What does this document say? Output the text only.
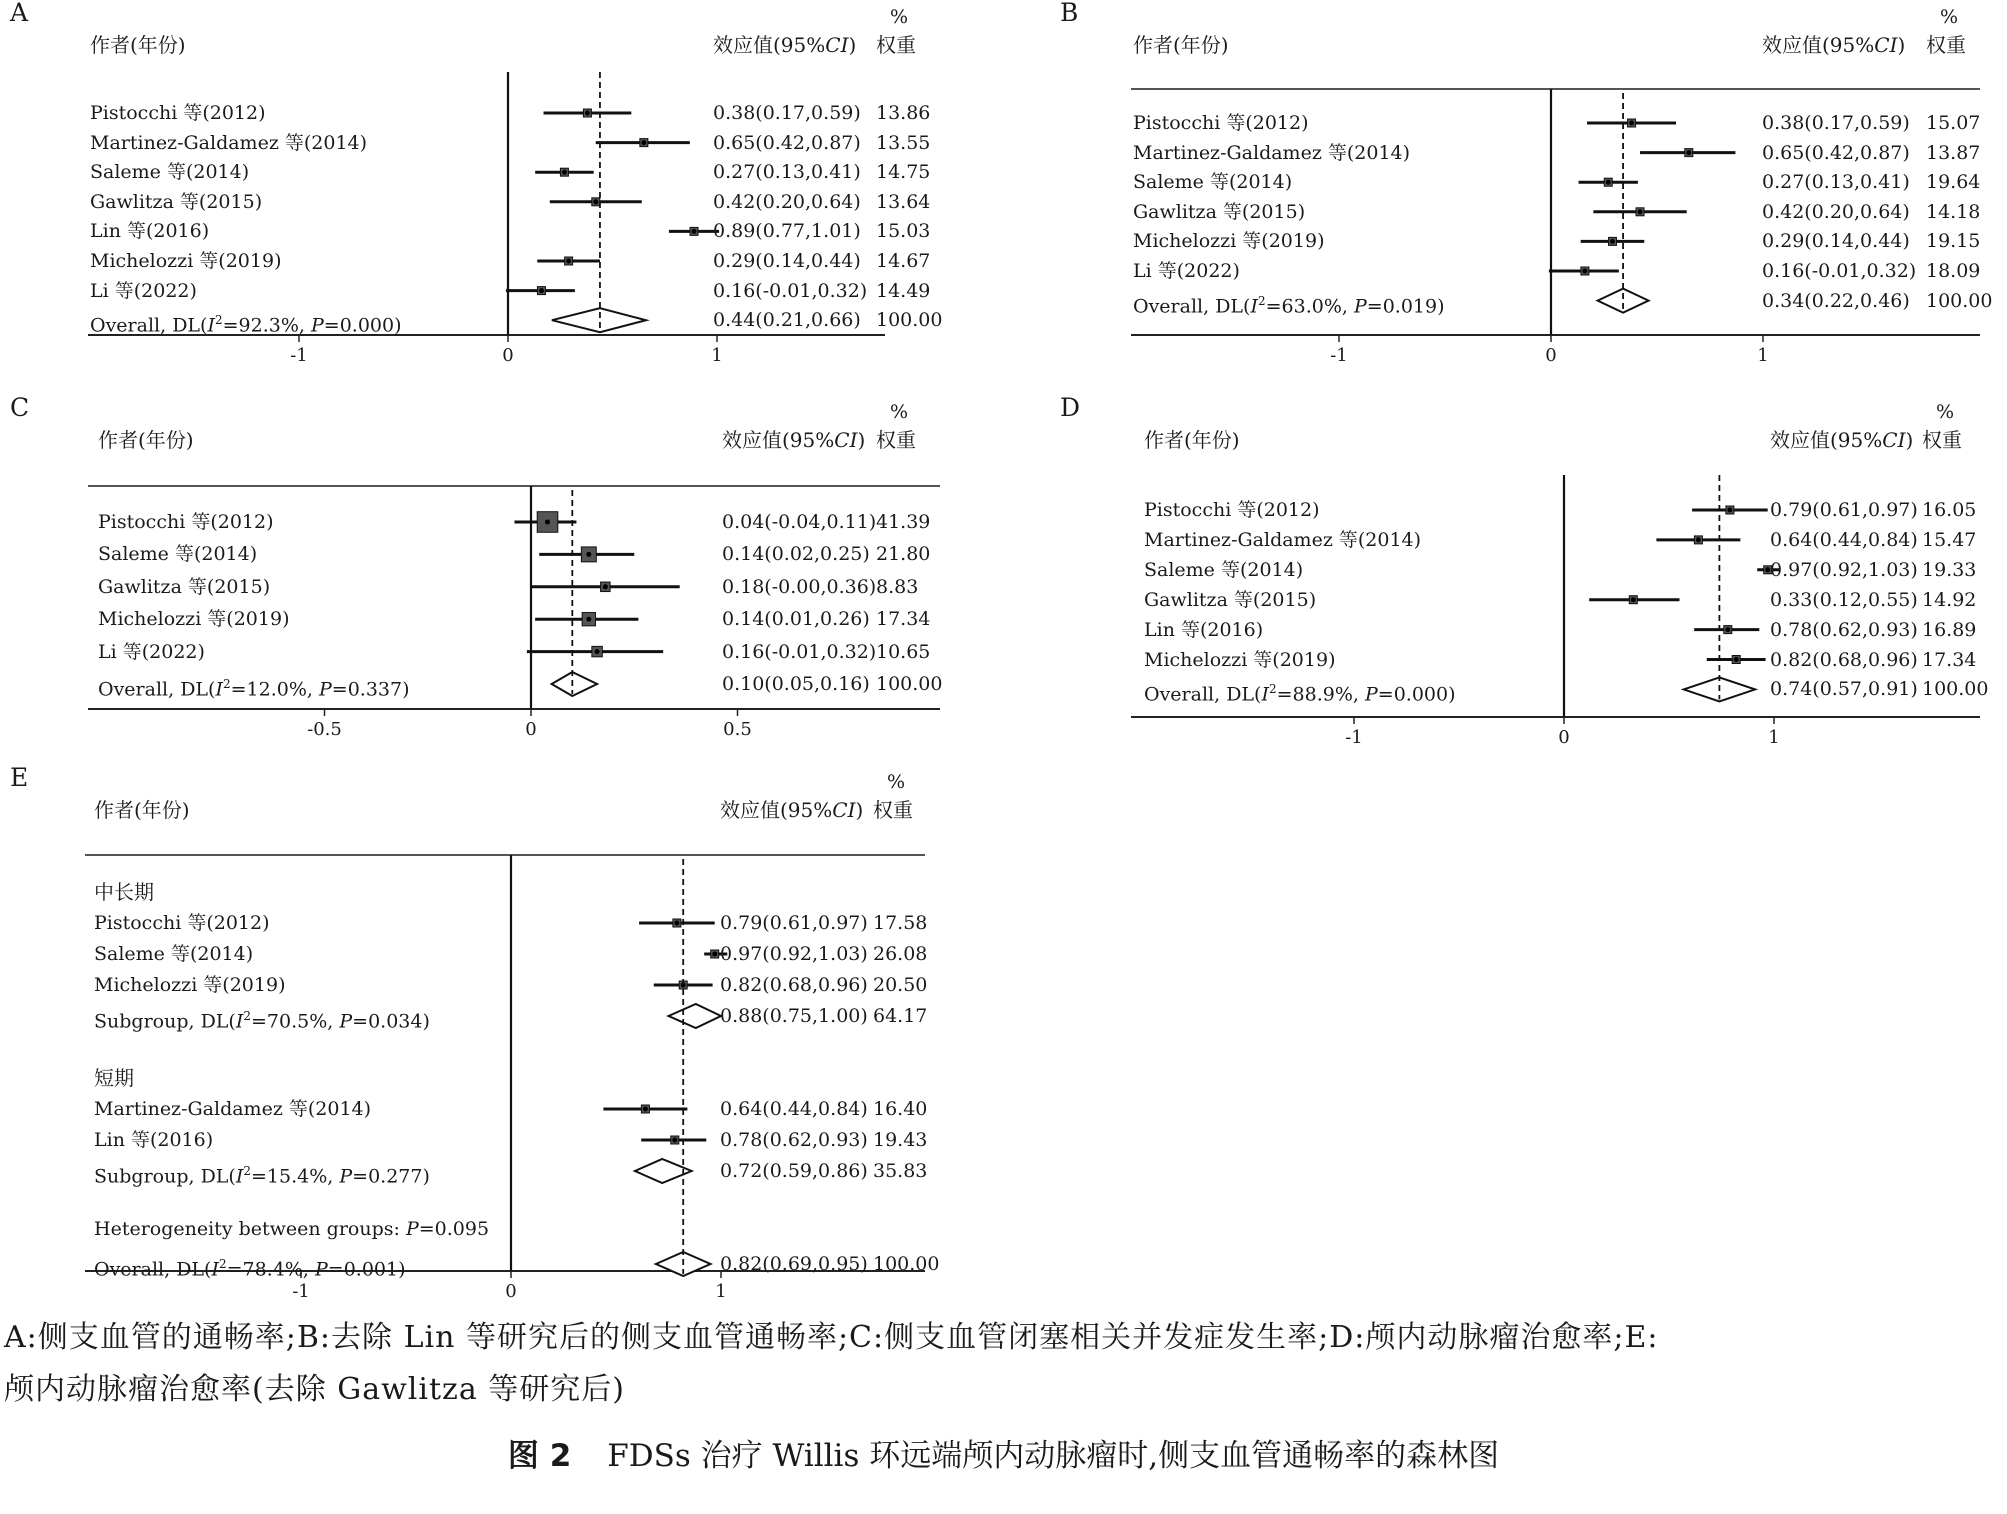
A
作者(年份)	效应值(95%CI) 权重
%
-1	0	1
Pistocchi 等(2012)	0.38(0.17,0.59) 13.86
Martinez-Galdamez 等(2014)	0.65(0.42,0.87) 13.55
Saleme 等(2014)	0.27(0.13,0.41) 14.75
Gawlitza 等(2015)	0.42(0.20,0.64) 13.64
Lin 等(2016)	0.89(0.77,1.01) 15.03
Michelozzi 等(2019)	0.29(0.14,0.44) 14.67
Li 等(2022)	0.16(-0.01,0.32) 14.49
Overall, $DL(I^2=92.3\%$, P=0.000)	0.44(0.21,0.66) 100.00
B
作者(年份)	效应值(95%CI) 权重
%
-1	0	1
Pistocchi 等(2012)	0.38(0.17,0.59) 15.07
Martinez-Galdamez 等(2014)	0.65(0.42,0.87) 13.87
Saleme 等(2014)	0.27(0.13,0.41) 19.64
Gawlitza 等(2015)	0.42(0.20,0.64) 14.18
Michelozzi 等(2019)	0.29(0.14,0.44) 19.15
Li 等(2022)	0.16(-0.01,0.32) 18.09
Overall, $DL(I^2=63.0\%$, P=0.019)	0.34(0.22,0.46) 100.00
C
作者(年份)	效应值(95%CI) 权重
%
-0.5	0	0.5
Pistocchi 等(2012)	0.04(-0.04,0.11) 41.39
Saleme 等(2014)	0.14(0.02,0.25) 21.80
Gawlitza 等(2015)	0.18(-0.00,0.36) 8.83
Michelozzi 等(2019)	0.14(0.01,0.26) 17.34
Li 等(2022)	0.16(-0.01,0.32) 10.65
Overall, $DL(I^2=12.0\%$, P=0.337)	0.10(0.05,0.16) 100.00
D
作者(年份)	效应值(95%CI) 权重
%
-1	0	1
Pistocchi 等(2012)	0.79(0.61,0.97) 16.05
Martinez-Galdamez 等(2014)	0.64(0.44,0.84) 15.47
Saleme 等(2014)	0.97(0.92,1.03) 19.33
Gawlitza 等(2015)	0.33(0.12,0.55) 14.92
Lin 等(2016)	0.78(0.62,0.93) 16.89
Michelozzi 等(2019)	0.82(0.68,0.96) 17.34
Overall, $DL(I^2=88.9\%$, P=0.000)	0.74(0.57,0.91) 100.00
E
作者(年份)	效应值(95%CI) 权重
%
-1	0	1
中长期
Pistocchi 等(2012)	0.79(0.61,0.97) 17.58
Saleme 等(2014)	0.97(0.92,1.03) 26.08
Michelozzi 等(2019)	0.82(0.68,0.96) 20.50
Subgroup, $DL(I^2=70.5\%$, P=0.034)	0.88(0.75,1.00) 64.17
短期
Martinez-Galdamez 等(2014)	0.64(0.44,0.84) 16.40
Lin 等(2016)	0.78(0.62,0.93) 19.43
Subgroup, $DL(I^2=15.4\%$, P=0.277)	0.72(0.59,0.86) 35.83
Heterogeneity between groups: P=0.095
Overall, $DL(I^2=78.4\%$, P=0.001)	0.82(0.69,0.95) 100.00
A:侧支血管的通畅率;B:去除 Lin 等研究后的侧支血管通畅率;C:侧支血管闭塞相关并发症发生率;D:颅内动脉瘤治愈率;E:
颅内动脉瘤治愈率(去除 Gawlitza 等研究后)
图 2 FDSs 治疗 Willis 环远端颅内动脉瘤时,侧支血管通畅率的森林图
